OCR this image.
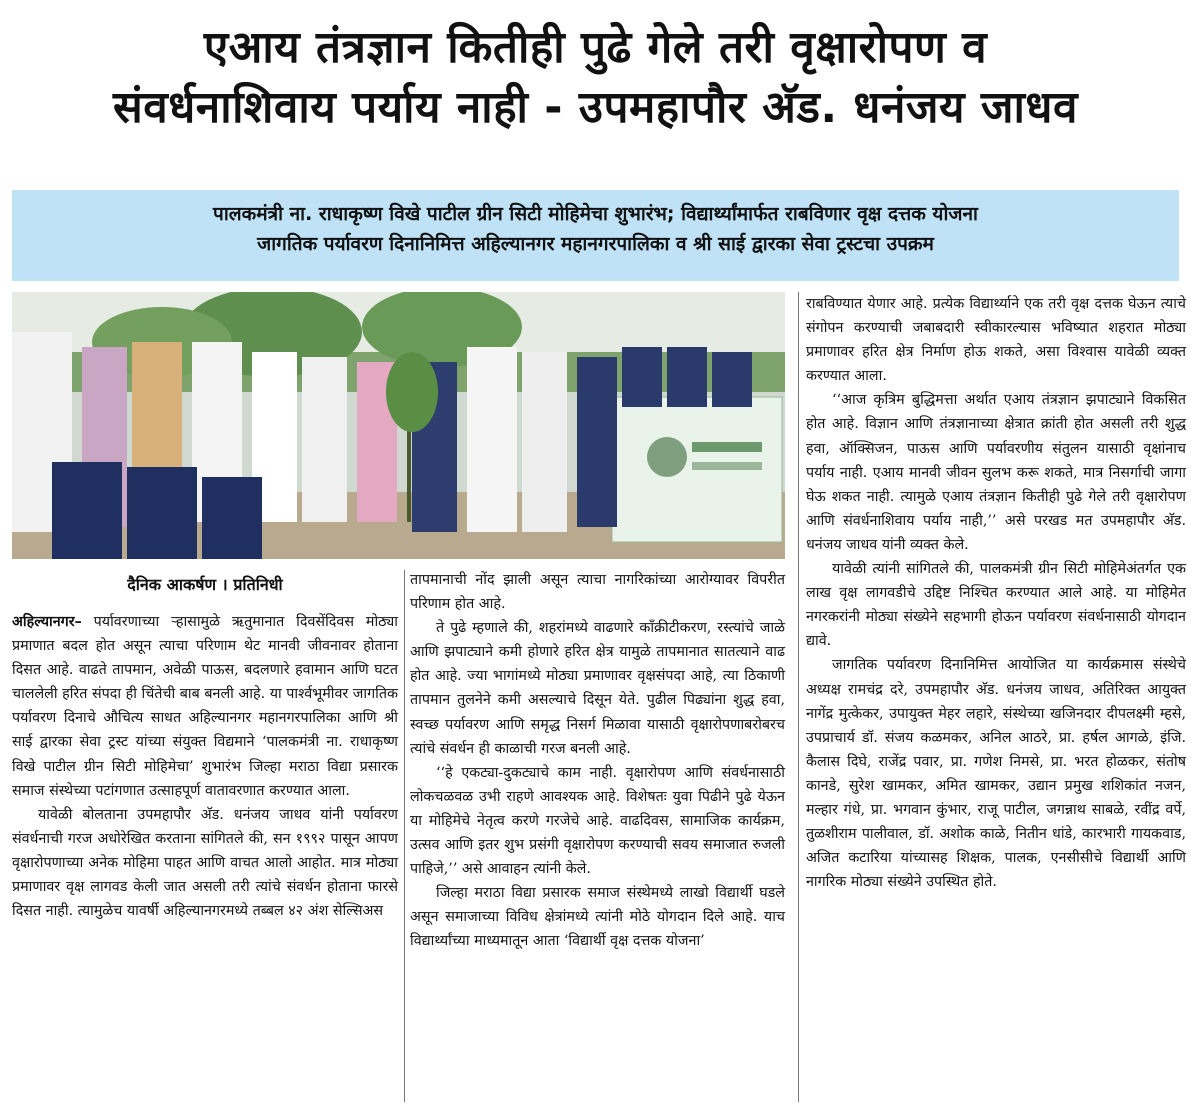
एआय तंत्रज्ञान कितीही पुढे गेले तरी वृक्षारोपण व
संवर्धनाशिवाय पर्याय नाही - उपमहापौर अ‍ॅड. धनंजय जाधव
पालकमंत्री ना. राधाकृष्ण विखे पाटील ग्रीन सिटी मोहिमेचा शुभारंभ; विद्यार्थ्यांमार्फत राबविणार वृक्ष दत्तक योजना
जागतिक पर्यावरण दिनानिमित्त अहिल्यानगर महानगरपालिका व श्री साई द्वारका सेवा ट्रस्टचा उपक्रम
दैनिक आकर्षण । प्रतिनिधी

अहिल्यानगर– पर्यावरणाच्या ऱ्हासामुळे ऋतुमानात दिवसेंदिवस मोठ्या प्रमाणात बदल होत असून त्याचा परिणाम थेट मानवी जीवनावर होताना दिसत आहे. वाढते तापमान, अवेळी पाऊस, बदलणारे हवामान आणि घटत चाललेली हरित संपदा ही चिंतेची बाब बनली आहे. या पार्श्वभूमीवर जागतिक पर्यावरण दिनाचे औचित्य साधत अहिल्यानगर महानगरपालिका आणि श्री साई द्वारका सेवा ट्रस्ट यांच्या संयुक्त विद्यमाने ‘पालकमंत्री ना. राधाकृष्ण विखे पाटील ग्रीन सिटी मोहिमेचा’ शुभारंभ जिल्हा मराठा विद्या प्रसारक समाज संस्थेच्या पटांगणात उत्साहपूर्ण वातावरणात करण्यात आला.

यावेळी बोलताना उपमहापौर अ‍ॅड. धनंजय जाधव यांनी पर्यावरण संवर्धनाची गरज अधोरेखित करताना सांगितले की, सन १९९२ पासून आपण वृक्षारोपणाच्या अनेक मोहिमा पाहत आणि वाचत आलो आहोत. मात्र मोठ्या प्रमाणावर वृक्ष लागवड केली जात असली तरी त्यांचे संवर्धन होताना फारसे दिसत नाही. त्यामुळेच यावर्षी अहिल्यानगरमध्ये तब्बल ४२ अंश सेल्सिअस

तापमानाची नोंद झाली असून त्याचा नागरिकांच्या आरोग्यावर विपरीत परिणाम होत आहे.

ते पुढे म्हणाले की, शहरांमध्ये वाढणारे काँक्रीटीकरण, रस्त्यांचे जाळे आणि झपाट्याने कमी होणारे हरित क्षेत्र यामुळे तापमानात सातत्याने वाढ होत आहे. ज्या भागांमध्ये मोठ्या प्रमाणावर वृक्षसंपदा आहे, त्या ठिकाणी तापमान तुलनेने कमी असल्याचे दिसून येते. पुढील पिढ्यांना शुद्ध हवा, स्वच्छ पर्यावरण आणि समृद्ध निसर्ग मिळावा यासाठी वृक्षारोपणाबरोबरच त्यांचे संवर्धन ही काळाची गरज बनली आहे.

‘‘हे एकट्या-दुकट्याचे काम नाही. वृक्षारोपण आणि संवर्धनासाठी लोकचळवळ उभी राहणे आवश्यक आहे. विशेषतः युवा पिढीने पुढे येऊन या मोहिमेचे नेतृत्व करणे गरजेचे आहे. वाढदिवस, सामाजिक कार्यक्रम, उत्सव आणि इतर शुभ प्रसंगी वृक्षारोपण करण्याची सवय समाजात रुजली पाहिजे,’’ असे आवाहन त्यांनी केले.

जिल्हा मराठा विद्या प्रसारक समाज संस्थेमध्ये लाखो विद्यार्थी घडले असून समाजाच्या विविध क्षेत्रांमध्ये त्यांनी मोठे योगदान दिले आहे. याच विद्यार्थ्यांच्या माध्यमातून आता ‘विद्यार्थी वृक्ष दत्तक योजना’

राबविण्यात येणार आहे. प्रत्येक विद्यार्थ्याने एक तरी वृक्ष दत्तक घेऊन त्याचे संगोपन करण्याची जबाबदारी स्वीकारल्यास भविष्यात शहरात मोठ्या प्रमाणावर हरित क्षेत्र निर्माण होऊ शकते, असा विश्वास यावेळी व्यक्त करण्यात आला.

‘‘आज कृत्रिम बुद्धिमत्ता अर्थात एआय तंत्रज्ञान झपाट्याने विकसित होत आहे. विज्ञान आणि तंत्रज्ञानाच्या क्षेत्रात क्रांती होत असली तरी शुद्ध हवा, ऑक्सिजन, पाऊस आणि पर्यावरणीय संतुलन यासाठी वृक्षांनाच पर्याय नाही. एआय मानवी जीवन सुलभ करू शकते, मात्र निसर्गाची जागा घेऊ शकत नाही. त्यामुळे एआय तंत्रज्ञान कितीही पुढे गेले तरी वृक्षारोपण आणि संवर्धनाशिवाय पर्याय नाही,’’ असे परखड मत उपमहापौर अ‍ॅड. धनंजय जाधव यांनी व्यक्त केले.

यावेळी त्यांनी सांगितले की, पालकमंत्री ग्रीन सिटी मोहिमेअंतर्गत एक लाख वृक्ष लागवडीचे उद्दिष्ट निश्चित करण्यात आले आहे. या मोहिमेत नगरकरांनी मोठ्या संख्येने सहभागी होऊन पर्यावरण संवर्धनासाठी योगदान द्यावे.

जागतिक पर्यावरण दिनानिमित्त आयोजित या कार्यक्रमास संस्थेचे अध्यक्ष रामचंद्र दरे, उपमहापौर अ‍ॅड. धनंजय जाधव, अतिरिक्त आयुक्त नागेंद्र मुत्केकर, उपायुक्त मेहर लहारे, संस्थेच्या खजिनदार दीपलक्ष्मी म्हसे, उपप्राचार्य डॉ. संजय कळमकर, अनिल आठरे, प्रा. हर्षल आगळे, इंजि. कैलास दिघे, राजेंद्र पवार, प्रा. गणेश निमसे, प्रा. भरत होळकर, संतोष कानडे, सुरेश खामकर, अमित खामकर, उद्यान प्रमुख शशिकांत नजन, मल्हार गंधे, प्रा. भगवान कुंभार, राजू पाटील, जगन्नाथ साबळे, रवींद्र वर्पे, तुळशीराम पालीवाल, डॉ. अशोक काळे, नितीन धांडे, कारभारी गायकवाड, अजित कटारिया यांच्यासह शिक्षक, पालक, एनसीसीचे विद्यार्थी आणि नागरिक मोठ्या संख्येने उपस्थित होते.
